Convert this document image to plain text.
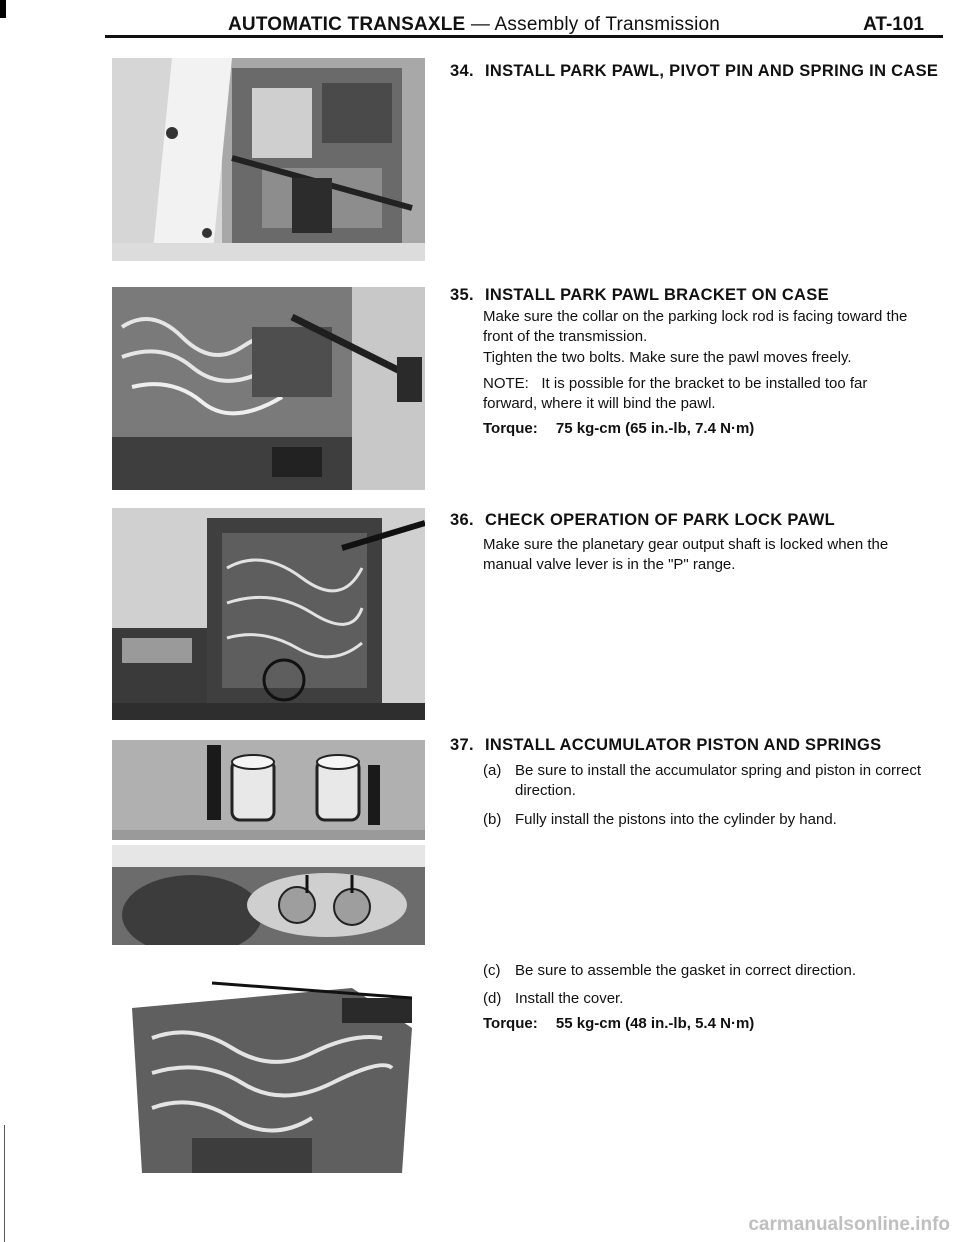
AUTOMATIC TRANSAXLE — Assembly of Transmission	AT-101
34. INSTALL PARK PAWL, PIVOT PIN AND SPRING IN CASE
35. INSTALL PARK PAWL BRACKET ON CASE
Make sure the collar on the parking lock rod is facing toward the front of the transmission.
Tighten the two bolts. Make sure the pawl moves freely.
NOTE: It is possible for the bracket to be installed too far forward, where it will bind the pawl.
Torque: 75 kg-cm (65 in.-lb, 7.4 N·m)
36. CHECK OPERATION OF PARK LOCK PAWL
Make sure the planetary gear output shaft is locked when the manual valve lever is in the "P" range.
37. INSTALL ACCUMULATOR PISTON AND SPRINGS
(a) Be sure to install the accumulator spring and piston in correct direction.
(b) Fully install the pistons into the cylinder by hand.
(c) Be sure to assemble the gasket in correct direction.
(d) Install the cover.
Torque: 55 kg-cm (48 in.-lb, 5.4 N·m)
carmanualsonline.info
